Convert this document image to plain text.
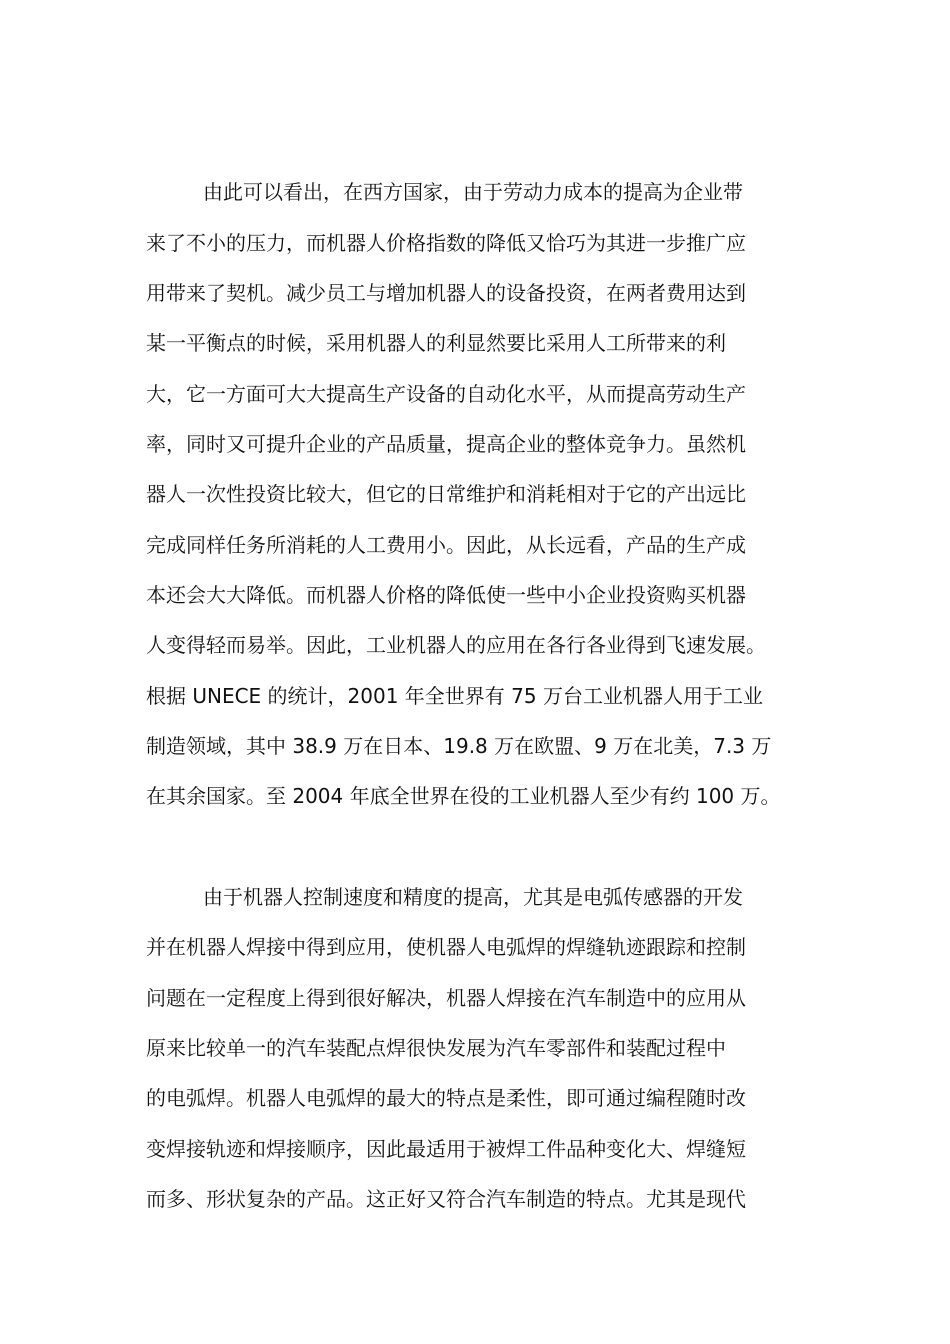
由此可以看出，在西方国家，由于劳动力成本的提高为企业带
来了不小的压力，而机器人价格指数的降低又恰巧为其进一步推广应
用带来了契机。减少员工与增加机器人的设备投资，在两者费用达到
某一平衡点的时候，采用机器人的利显然要比采用人工所带来的利
大，它一方面可大大提高生产设备的自动化水平，从而提高劳动生产
率，同时又可提升企业的产品质量，提高企业的整体竞争力。虽然机
器人一次性投资比较大，但它的日常维护和消耗相对于它的产出远比
完成同样任务所消耗的人工费用小。因此，从长远看，产品的生产成
本还会大大降低。而机器人价格的降低使一些中小企业投资购买机器
人变得轻而易举。因此，工业机器人的应用在各行各业得到飞速发展。
根据 UNECE 的统计，2001 年全世界有 75 万台工业机器人用于工业
制造领域，其中 38.9 万在日本、19.8 万在欧盟、9 万在北美，7.3 万
在其余国家。至 2004 年底全世界在役的工业机器人至少有约 100 万。
由于机器人控制速度和精度的提高，尤其是电弧传感器的开发
并在机器人焊接中得到应用，使机器人电弧焊的焊缝轨迹跟踪和控制
问题在一定程度上得到很好解决，机器人焊接在汽车制造中的应用从
原来比较单一的汽车装配点焊很快发展为汽车零部件和装配过程中
的电弧焊。机器人电弧焊的最大的特点是柔性，即可通过编程随时改
变焊接轨迹和焊接顺序，因此最适用于被焊工件品种变化大、焊缝短
而多、形状复杂的产品。这正好又符合汽车制造的特点。尤其是现代
